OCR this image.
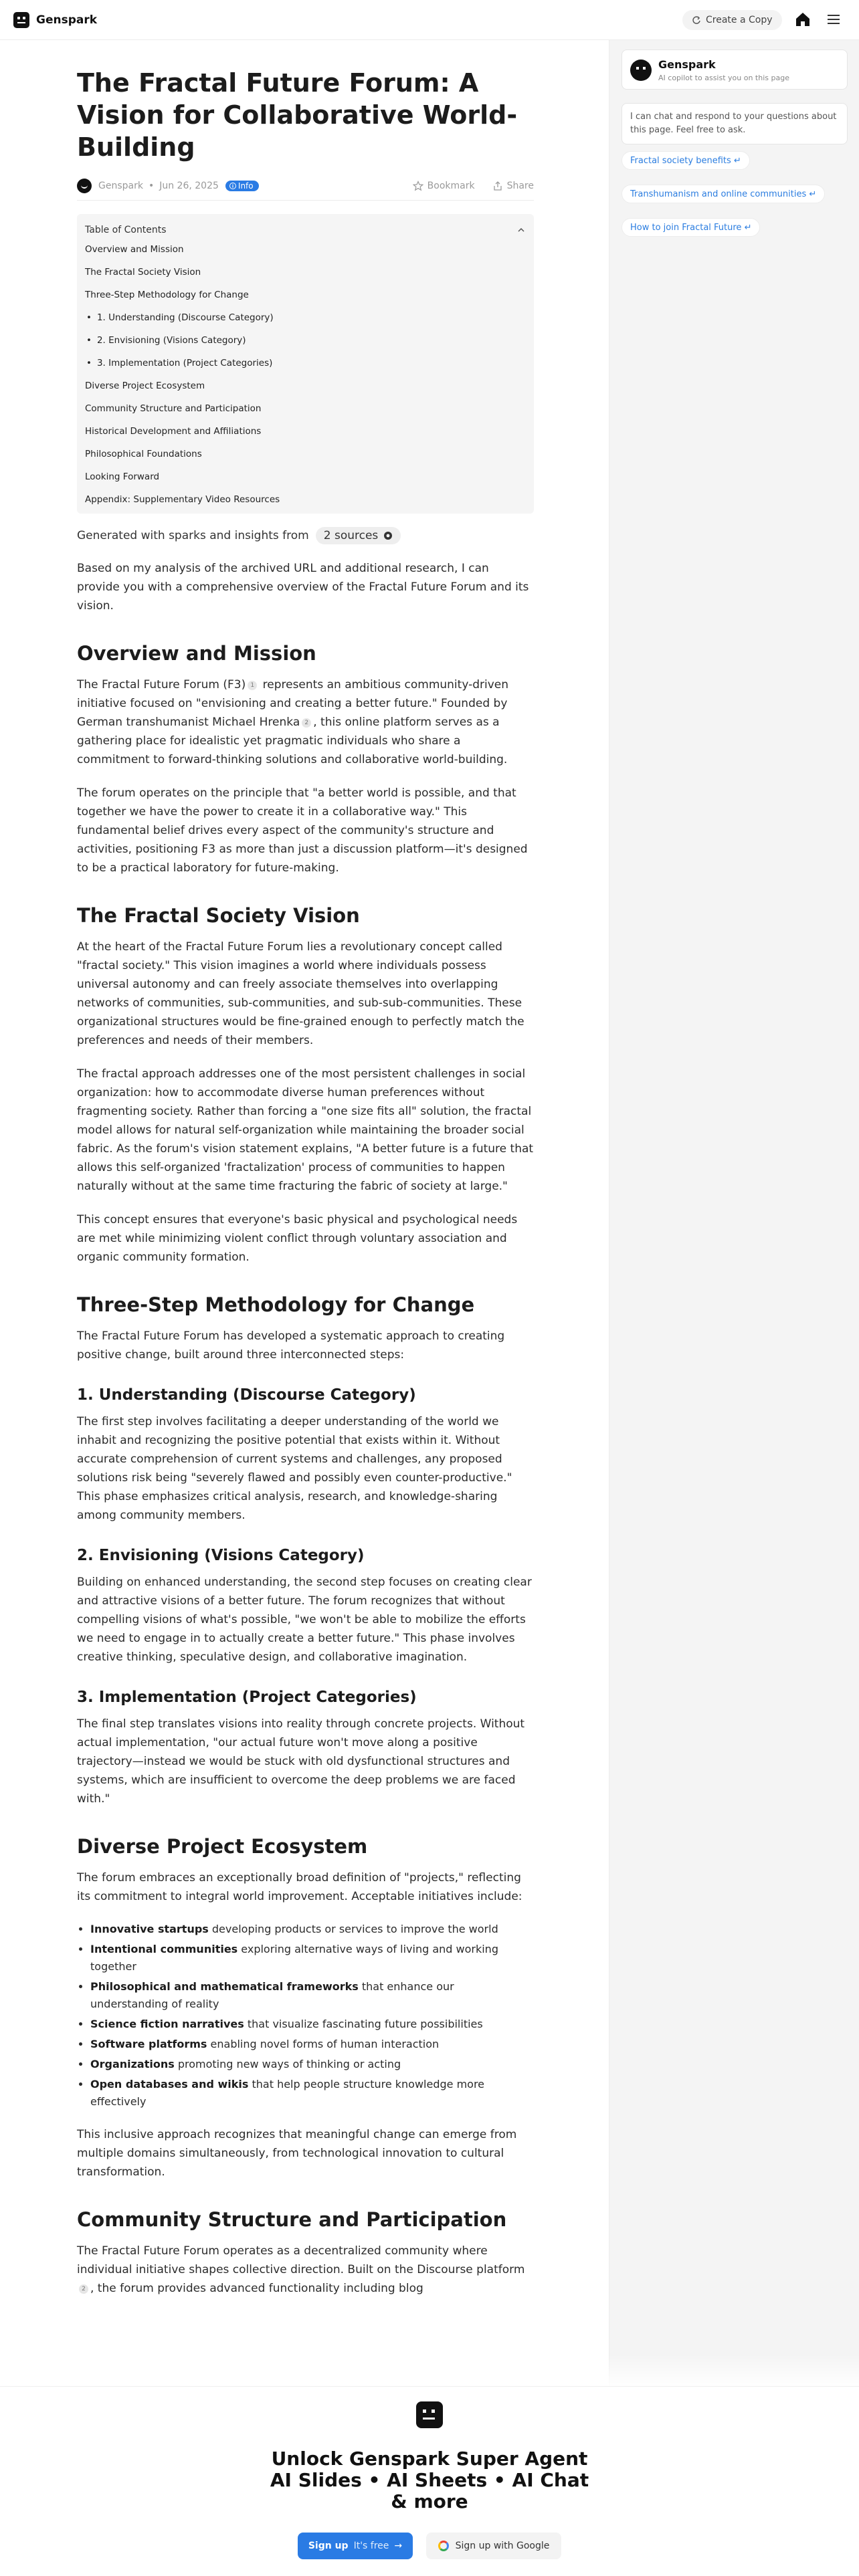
Genspark	Create a Copy
The Fractal Future Forum: A Vision for Collaborative World-Building
Genspark • Jun 26, 2025 Info	Bookmark	Share
Table of Contents
Overview and Mission
The Fractal Society Vision
Three-Step Methodology for Change
• 1. Understanding (Discourse Category)
• 2. Envisioning (Visions Category)
• 3. Implementation (Project Categories)
Diverse Project Ecosystem
Community Structure and Participation
Historical Development and Affiliations
Philosophical Foundations
Looking Forward
Appendix: Supplementary Video Resources
Generated with sparks and insights from 2 sources

Based on my analysis of the archived URL and additional research, I can provide you with a comprehensive overview of the Fractal Future Forum and its vision.

Overview and Mission

The Fractal Future Forum (F3) 1 represents an ambitious community-driven initiative focused on "envisioning and creating a better future." Founded by German transhumanist Michael Hrenka 2 , this online platform serves as a gathering place for idealistic yet pragmatic individuals who share a commitment to forward-thinking solutions and collaborative world-building.

The forum operates on the principle that "a better world is possible, and that together we have the power to create it in a collaborative way." This fundamental belief drives every aspect of the community's structure and activities, positioning F3 as more than just a discussion platform—it's designed to be a practical laboratory for future-making.

The Fractal Society Vision

At the heart of the Fractal Future Forum lies a revolutionary concept called "fractal society." This vision imagines a world where individuals possess universal autonomy and can freely associate themselves into overlapping networks of communities, sub-communities, and sub-sub-communities. These organizational structures would be fine-grained enough to perfectly match the preferences and needs of their members.

The fractal approach addresses one of the most persistent challenges in social organization: how to accommodate diverse human preferences without fragmenting society. Rather than forcing a "one size fits all" solution, the fractal model allows for natural self-organization while maintaining the broader social fabric. As the forum's vision statement explains, "A better future is a future that allows this self-organized 'fractalization' process of communities to happen naturally without at the same time fracturing the fabric of society at large."

This concept ensures that everyone's basic physical and psychological needs are met while minimizing violent conflict through voluntary association and organic community formation.

Three-Step Methodology for Change

The Fractal Future Forum has developed a systematic approach to creating positive change, built around three interconnected steps:

1. Understanding (Discourse Category)

The first step involves facilitating a deeper understanding of the world we inhabit and recognizing the positive potential that exists within it. Without accurate comprehension of current systems and challenges, any proposed solutions risk being "severely flawed and possibly even counter-productive." This phase emphasizes critical analysis, research, and knowledge-sharing among community members.

2. Envisioning (Visions Category)

Building on enhanced understanding, the second step focuses on creating clear and attractive visions of a better future. The forum recognizes that without compelling visions of what's possible, "we won't be able to mobilize the efforts we need to engage in to actually create a better future." This phase involves creative thinking, speculative design, and collaborative imagination.

3. Implementation (Project Categories)

The final step translates visions into reality through concrete projects. Without actual implementation, "our actual future won't move along a positive trajectory—instead we would be stuck with old dysfunctional structures and systems, which are insufficient to overcome the deep problems we are faced with."

Diverse Project Ecosystem

The forum embraces an exceptionally broad definition of "projects," reflecting its commitment to integral world improvement. Acceptable initiatives include:

• Innovative startups developing products or services to improve the world
• Intentional communities exploring alternative ways of living and working together
• Philosophical and mathematical frameworks that enhance our understanding of reality
• Science fiction narratives that visualize fascinating future possibilities
• Software platforms enabling novel forms of human interaction
• Organizations promoting new ways of thinking or acting
• Open databases and wikis that help people structure knowledge more effectively

This inclusive approach recognizes that meaningful change can emerge from multiple domains simultaneously, from technological innovation to cultural transformation.

Community Structure and Participation

The Fractal Future Forum operates as a decentralized community where individual initiative shapes collective direction. Built on the Discourse platform2 , the forum provides advanced functionality including blog

Genspark
AI copilot to assist you on this page
I can chat and respond to your questions about this page. Feel free to ask.
Fractal society benefits ↵
Transhumanism and online communities ↵
How to join Fractal Future ↵
Unlock Genspark Super Agent AI Slides • AI Sheets • AI Chat & more
Sign up It's free →	Sign up with Google
